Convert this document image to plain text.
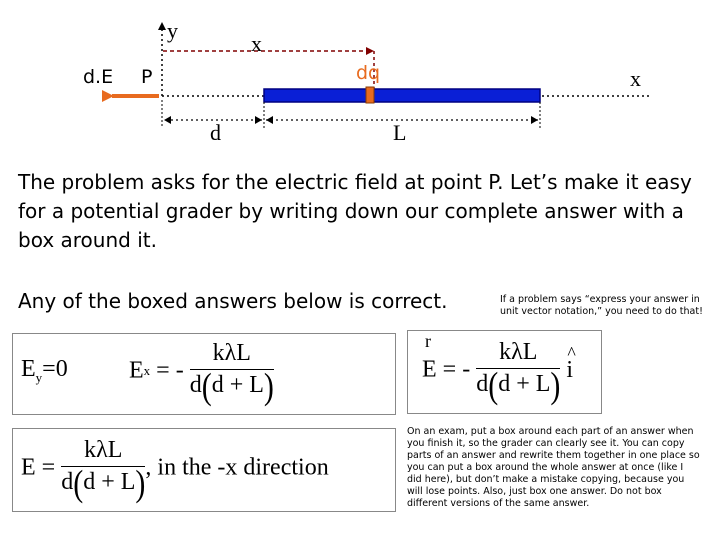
y
x
dq
d.E P	x
d	L
The problem asks for the electric field at point P. Let’s make it easy for a potential grader by writing down our complete answer with a box around it.
Any of the boxed answers below is correct.	If a problem says “express your answer in unit vector notation,” you need to do that!
$E_y=0$	Ex = - $\frac{\text{kλL}}{d(d + L)}$	r
E = - $\frac{\text{kλL}}{d(d + L)}$
^
i
$E = \frac{\text{kλL}}{d(d + L)}$ , in the -x direction
On an exam, put a box around each part of an answer when you finish it, so the grader can clearly see it. You can copy parts of an answer and rewrite them together in one place so you can put a box around the whole answer at once (like I did here), but don’t make a mistake copying, because you will lose points. Also, just box one answer. Do not box different versions of the same answer.
